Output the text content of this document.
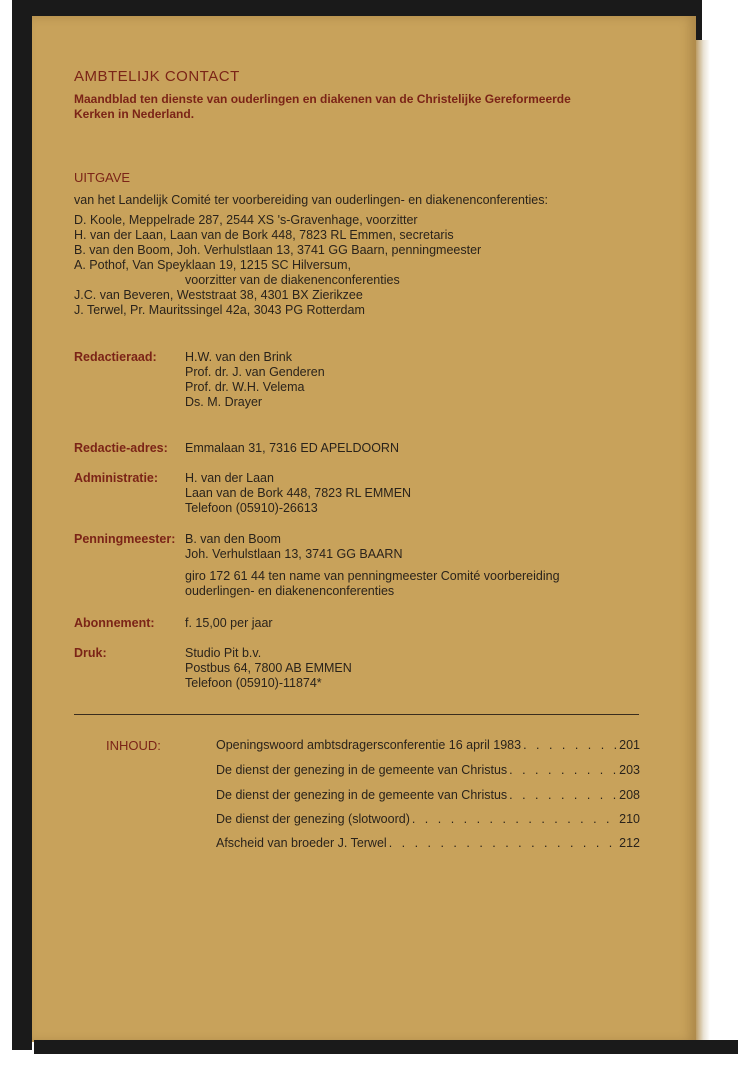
AMBTELIJK CONTACT
Maandblad ten dienste van ouderlingen en diakenen van de Christelijke Gereformeerde Kerken in Nederland.
UITGAVE
van het Landelijk Comité ter voorbereiding van ouderlingen- en diakenenconferenties:
D. Koole, Meppelrade 287, 2544 XS 's-Gravenhage, voorzitter
H. van der Laan, Laan van de Bork 448, 7823 RL Emmen, secretaris
B. van den Boom, Joh. Verhulstlaan 13, 3741 GG Baarn, penningmeester
A. Pothof, Van Speyklaan 19, 1215 SC Hilversum,
voorzitter van de diakenenconferenties
J.C. van Beveren, Weststraat 38, 4301 BX Zierikzee
J. Terwel, Pr. Mauritssingel 42a, 3043 PG Rotterdam
Redactieraad: H.W. van den Brink
Prof. dr. J. van Genderen
Prof. dr. W.H. Velema
Ds. M. Drayer
Redactie-adres: Emmalaan 31, 7316 ED APELDOORN
Administratie: H. van der Laan
Laan van de Bork 448, 7823 RL EMMEN
Telefoon (05910)-26613
Penningmeester: B. van den Boom
Joh. Verhulstlaan 13, 3741 GG BAARN
giro 172 61 44 ten name van penningmeester Comité voorbereiding
ouderlingen- en diakenenconferenties
Abonnement: f. 15,00 per jaar
Druk:	Studio Pit b.v.
Postbus 64, 7800 AB EMMEN
Telefoon (05910)-11874*
INHOUD:	Openingswoord ambtsdragersconferentie 16 april 1983 . . .	201
De dienst der genezing in de gemeente van Christus . . .	203
De dienst der genezing in de gemeente van Christus . . .	208
De dienst der genezing (slotwoord) . . .	210
Afscheid van broeder J. Terwel . . .	212
